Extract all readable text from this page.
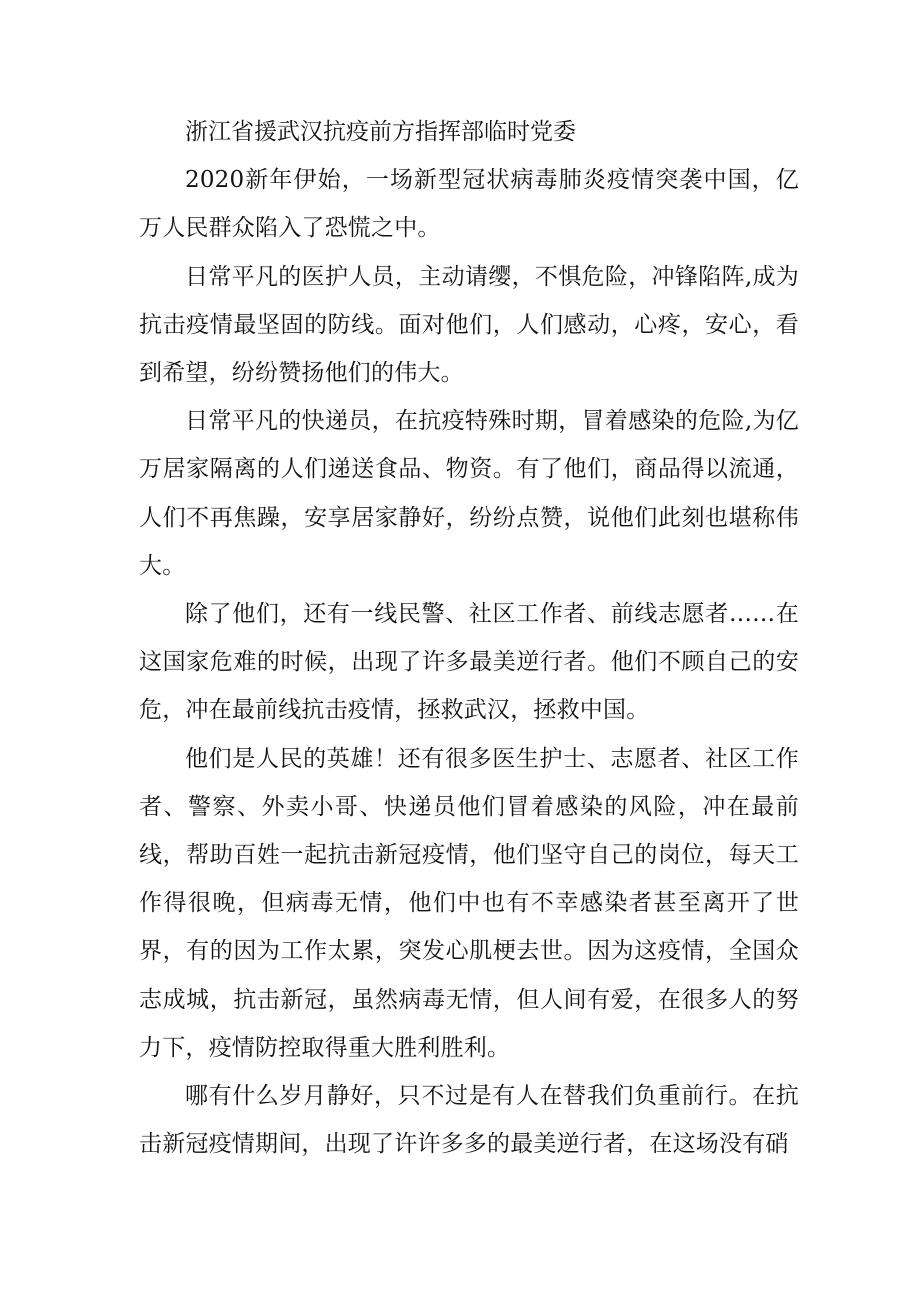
浙江省援武汉抗疫前方指挥部临时党委

2020新年伊始，一场新型冠状病毒肺炎疫情突袭中国，亿万人民群众陷入了恐慌之中。

日常平凡的医护人员，主动请缨，不惧危险，冲锋陷阵,成为抗击疫情最坚固的防线。面对他们，人们感动，心疼，安心，看到希望，纷纷赞扬他们的伟大。

日常平凡的快递员，在抗疫特殊时期，冒着感染的危险,为亿万居家隔离的人们递送食品、物资。有了他们，商品得以流通，人们不再焦躁，安享居家静好，纷纷点赞，说他们此刻也堪称伟大。

除了他们，还有一线民警、社区工作者、前线志愿者……在这国家危难的时候，出现了许多最美逆行者。他们不顾自己的安危，冲在最前线抗击疫情，拯救武汉，拯救中国。

他们是人民的英雄！还有很多医生护士、志愿者、社区工作者、警察、外卖小哥、快递员他们冒着感染的风险，冲在最前线，帮助百姓一起抗击新冠疫情，他们坚守自己的岗位，每天工作得很晚，但病毒无情，他们中也有不幸感染者甚至离开了世界，有的因为工作太累，突发心肌梗去世。因为这疫情，全国众志成城，抗击新冠，虽然病毒无情，但人间有爱，在很多人的努力下，疫情防控取得重大胜利胜利。

哪有什么岁月静好，只不过是有人在替我们负重前行。在抗击新冠疫情期间，出现了许许多多的最美逆行者，在这场没有硝
